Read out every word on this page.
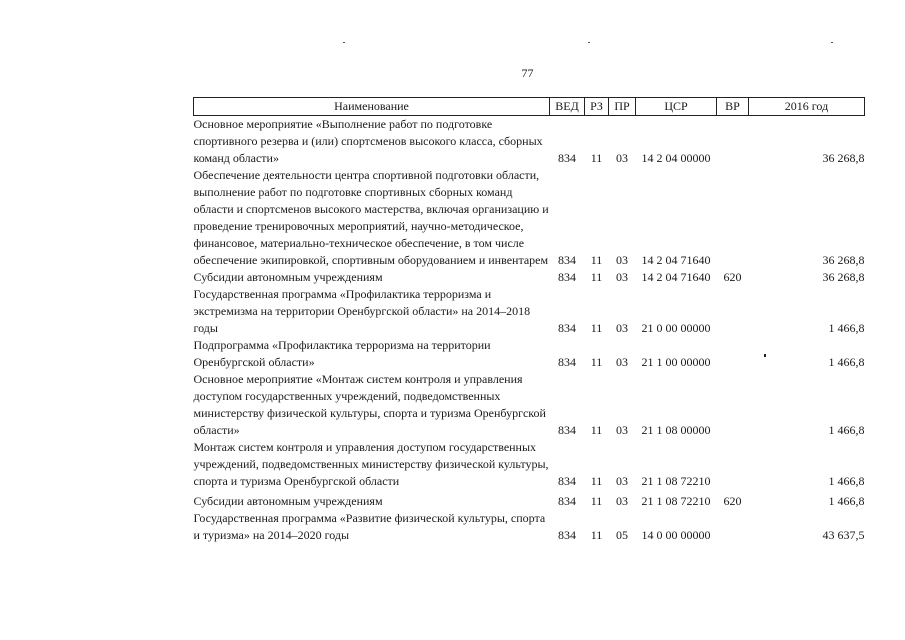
77
Наименование	ВЕД	РЗ	ПР	ЦСР	ВР	2016 год
Основное мероприятие «Выполнение работ по подготовке спортивного резерва и (или) спортсменов высокого класса, сборных команд области»	834	11	03	14 2 04 00000		36 268,8
Обеспечение деятельности центра спортивной подготовки области, выполнение работ по подготовке спортивных сборных команд области и спортсменов высокого мастерства, включая организацию и проведение тренировочных мероприятий, научно-методическое, финансовое, материально-техническое обеспечение, в том числе обеспечение экипировкой, спортивным оборудованием и инвентарем	834	11	03	14 2 04 71640		36 268,8
Субсидии автономным учреждениям	834	11	03	14 2 04 71640	620	36 268,8
Государственная программа «Профилактика терроризма и экстремизма на территории Оренбургской области» на 2014–2018 годы	834	11	03	21 0 00 00000		1 466,8
Подпрограмма «Профилактика терроризма на территории Оренбургской области»	834	11	03	21 1 00 00000		1 466,8
Основное мероприятие «Монтаж систем контроля и управления доступом государственных учреждений, подведомственных министерству физической культуры, спорта и туризма Оренбургской области»	834	11	03	21 1 08 00000		1 466,8
Монтаж систем контроля и управления доступом государственных учреждений, подведомственных министерству физической культуры, спорта и туризма Оренбургской области	834	11	03	21 1 08 72210		1 466,8
Субсидии автономным учреждениям	834	11	03	21 1 08 72210	620	1 466,8
Государственная программа «Развитие физической культуры, спорта и туризма» на 2014–2020 годы	834	11	05	14 0 00 00000		43 637,5
